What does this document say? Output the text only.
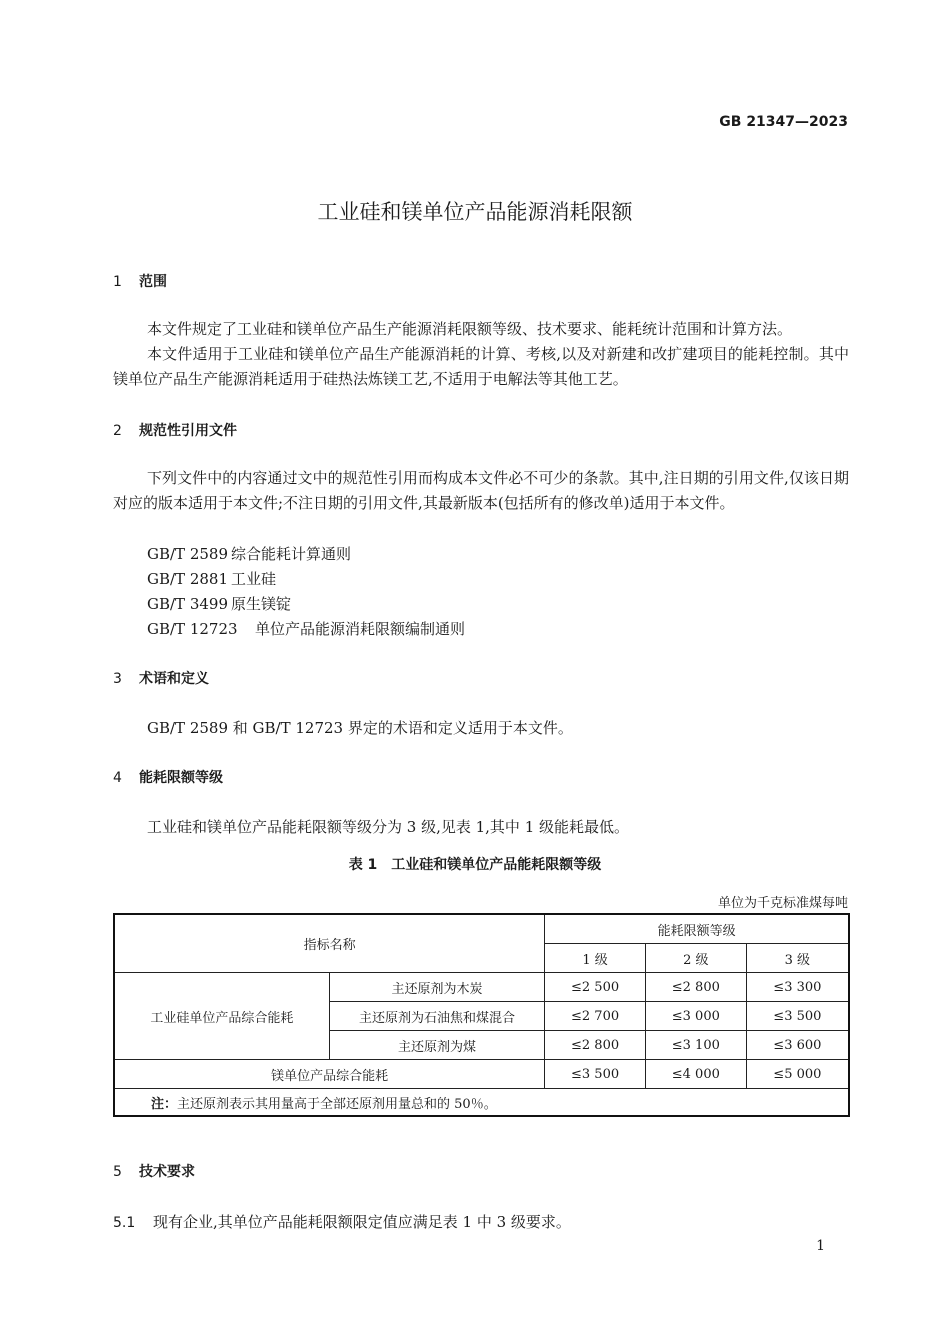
GB 21347—2023
工业硅和镁单位产品能源消耗限额
1 范围

本文件规定了工业硅和镁单位产品生产能源消耗限额等级、技术要求、能耗统计范围和计算方法。

本文件适用于工业硅和镁单位产品生产能源消耗的计算、考核,以及对新建和改扩建项目的能耗控制。其中镁单位产品生产能源消耗适用于硅热法炼镁工艺,不适用于电解法等其他工艺。

2 规范性引用文件

下列文件中的内容通过文中的规范性引用而构成本文件必不可少的条款。其中,注日期的引用文件,仅该日期对应的版本适用于本文件;不注日期的引用文件,其最新版本(包括所有的修改单)适用于本文件。

GB/T 2589 综合能耗计算通则
GB/T 2881 工业硅
GB/T 3499 原生镁锭
GB/T 12723 单位产品能源消耗限额编制通则
3 术语和定义
GB/T 2589 和 GB/T 12723 界定的术语和定义适用于本文件。
4 能耗限额等级
工业硅和镁单位产品能耗限额等级分为 3 级,见表 1,其中 1 级能耗最低。
表 1　工业硅和镁单位产品能耗限额等级
单位为千克标准煤每吨
指标名称		能耗限额等级		
		1 级	2 级	3 级
工业硅单位产品综合能耗	主还原剂为木炭	≤2 500	≤2 800	≤3 300
	主还原剂为石油焦和煤混合	≤2 700	≤3 000	≤3 500
	主还原剂为煤	≤2 800	≤3 100	≤3 600
镁单位产品综合能耗		≤3 500	≤4 000	≤5 000
注：主还原剂表示其用量高于全部还原剂用量总和的 50％。				
5 技术要求
5.1 现有企业,其单位产品能耗限额限定值应满足表 1 中 3 级要求。
1
